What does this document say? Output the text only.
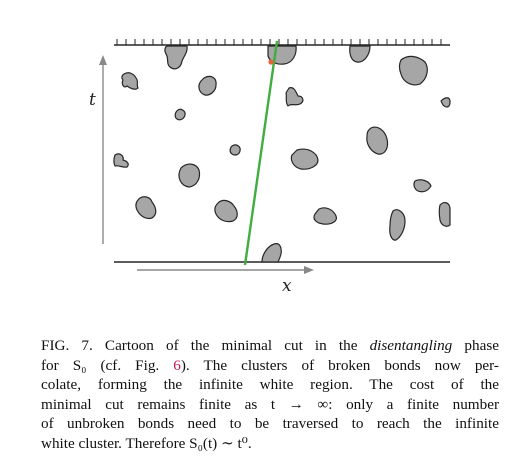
t
x
FIG. 7. Cartoon of the minimal cut in the disentangling phase
for S₀ (cf. Fig. 6). The clusters of broken bonds now per-
colate, forming the infinite white region. The cost of the
minimal cut remains finite as t → ∞: only a finite number
of unbroken bonds need to be traversed to reach the infinite
white cluster. Therefore S₀(t) ∼ t⁰.
